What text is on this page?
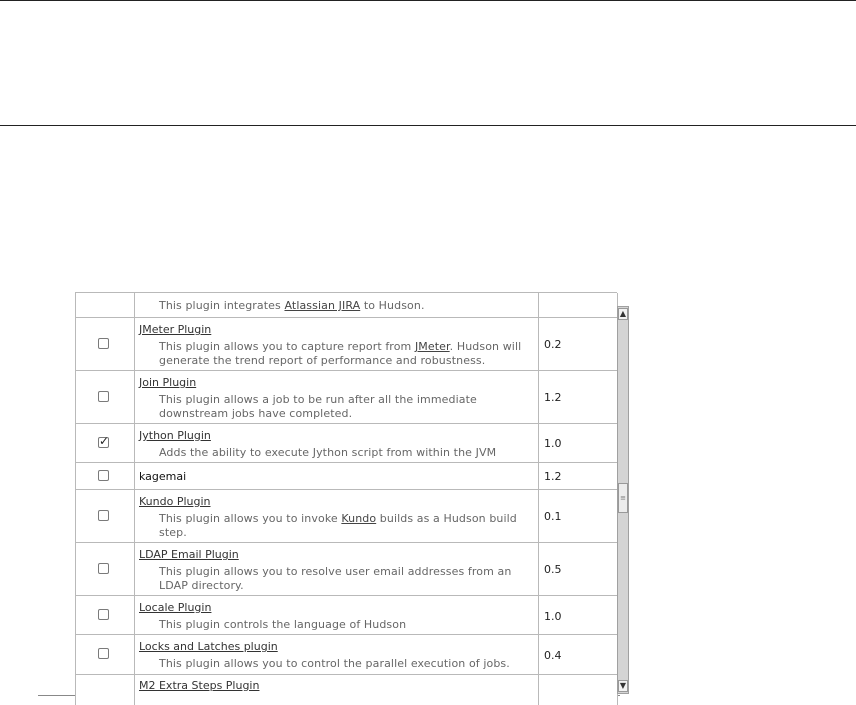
This plugin integrates Atlassian JIRA to Hudson.
JMeter Plugin
This plugin allows you to capture report from JMeter. Hudson will generate the trend report of performance and robustness.
0.2
Join Plugin
This plugin allows a job to be run after all the immediate downstream jobs have completed.
1.2
✓
Jython Plugin
Adds the ability to execute Jython script from within the JVM
1.0
kagemai	1.2
Kundo Plugin
This plugin allows you to invoke Kundo builds as a Hudson build step.
0.1
LDAP Email Plugin
This plugin allows you to resolve user email addresses from an LDAP directory.
0.5
Locale Plugin
This plugin controls the language of Hudson
1.0
Locks and Latches plugin
This plugin allows you to control the parallel execution of jobs.
0.4
M2 Extra Steps Plugin
▲
≡
▼
